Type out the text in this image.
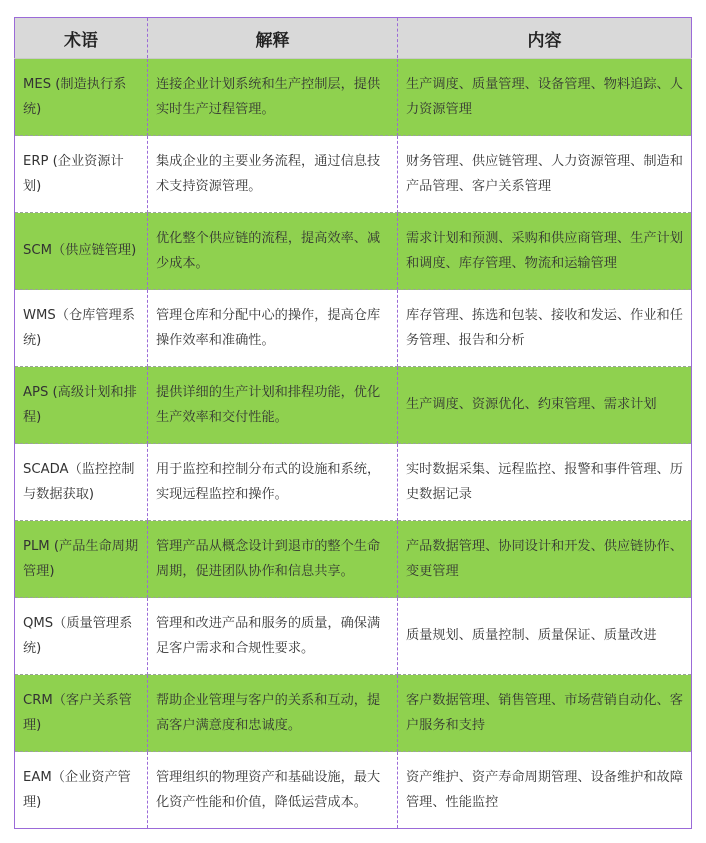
术语	解释	内容
MES (制造执行系统)	连接企业计划系统和生产控制层，提供实时生产过程管理。	生产调度、质量管理、设备管理、物料追踪、人力资源管理
ERP (企业资源计划)	集成企业的主要业务流程，通过信息技术支持资源管理。	财务管理、供应链管理、人力资源管理、制造和产品管理、客户关系管理
SCM（供应链管理)	优化整个供应链的流程，提高效率、减少成本。	需求计划和预测、采购和供应商管理、生产计划和调度、库存管理、物流和运输管理
WMS（仓库管理系统)	管理仓库和分配中心的操作，提高仓库操作效率和准确性。	库存管理、拣选和包装、接收和发运、作业和任务管理、报告和分析
APS (高级计划和排程)	提供详细的生产计划和排程功能，优化生产效率和交付性能。	生产调度、资源优化、约束管理、需求计划
SCADA（监控控制与数据获取)	用于监控和控制分布式的设施和系统，实现远程监控和操作。	实时数据采集、远程监控、报警和事件管理、历史数据记录
PLM (产品生命周期管理)	管理产品从概念设计到退市的整个生命周期，促进团队协作和信息共享。	产品数据管理、协同设计和开发、供应链协作、变更管理
QMS（质量管理系统)	管理和改进产品和服务的质量，确保满足客户需求和合规性要求。	质量规划、质量控制、质量保证、质量改进
CRM（客户关系管理)	帮助企业管理与客户的关系和互动，提高客户满意度和忠诚度。	客户数据管理、销售管理、市场营销自动化、客户服务和支持
EAM（企业资产管理)	管理组织的物理资产和基础设施，最大化资产性能和价值，降低运营成本。	资产维护、资产寿命周期管理、设备维护和故障管理、性能监控
